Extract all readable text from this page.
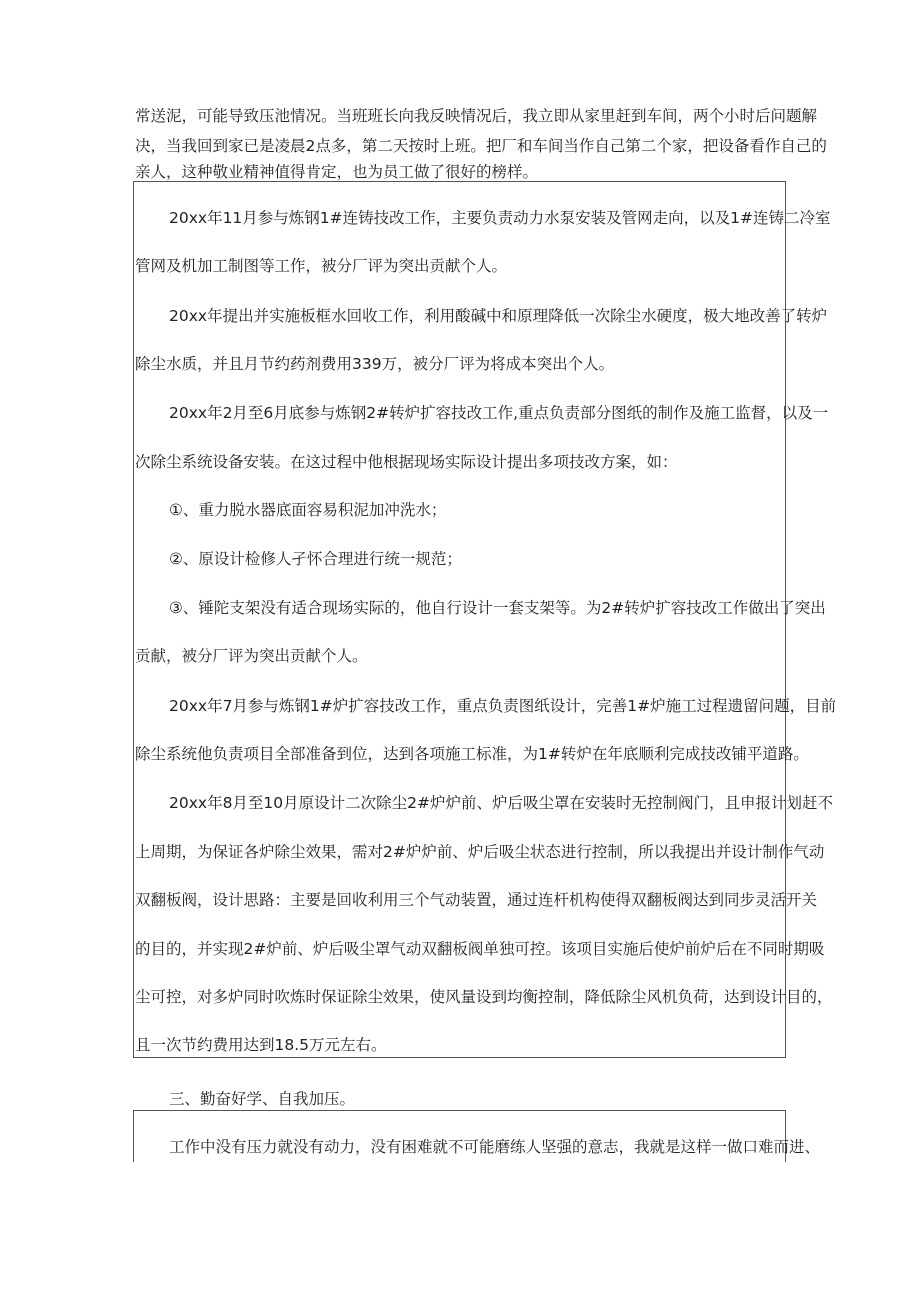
常送泥，可能导致压池情况。当班班长向我反映情况后，我立即从家里赶到车间，两个小时后问题解
决，当我回到家已是凌晨2点多，第二天按时上班。把厂和车间当作自己第二个家，把设备看作自己的
亲人，这种敬业精神值得肯定，也为员工做了很好的榜样。
20xx年11月参与炼钢1#连铸技改工作，主要负责动力水泵安装及管网走向，以及1#连铸二冷室
管网及机加工制图等工作，被分厂评为突出贡献个人。
20xx年提出并实施板框水回收工作，利用酸碱中和原理降低一次除尘水硬度，极大地改善了转炉
除尘水质，并且月节约药剂费用339万，被分厂评为将成本突出个人。
20xx年2月至6月底参与炼钢2#转炉扩容技改工作,重点负责部分图纸的制作及施工监督，以及一
次除尘系统设备安装。在这过程中他根据现场实际设计提出多项技改方案，如：
①、重力脱水器底面容易积泥加冲洗水；
②、原设计检修人孑怀合理进行统一规范；
③、锤陀支架没有适合现场实际的，他自行设计一套支架等。为2#转炉扩容技改工作做出了突出
贡献，被分厂评为突出贡献个人。
20xx年7月参与炼钢1#炉扩容技改工作，重点负责图纸设计，完善1#炉施工过程遗留问题，目前
除尘系统他负责项目全部准备到位，达到各项施工标准，为1#转炉在年底顺利完成技改铺平道路。
20xx年8月至10月原设计二次除尘2#炉炉前、炉后吸尘罩在安装时无控制阀门，且申报计划赶不
上周期，为保证各炉除尘效果，需对2#炉炉前、炉后吸尘状态进行控制，所以我提出并设计制作气动
双翻板阀，设计思路：主要是回收利用三个气动装置，通过连杆机构使得双翻板阀达到同步灵活开关
的目的，并实现2#炉前、炉后吸尘罩气动双翻板阀单独可控。该项目实施后使炉前炉后在不同时期吸
尘可控，对多炉同时吹炼时保证除尘效果，使风量设到均衡控制，降低除尘风机负荷，达到设计目的，
且一次节约费用达到18.5万元左右。
三、勤奋好学、自我加压。
工作中没有压力就没有动力，没有困难就不可能磨练人坚强的意志，我就是这样一做口难而进、
